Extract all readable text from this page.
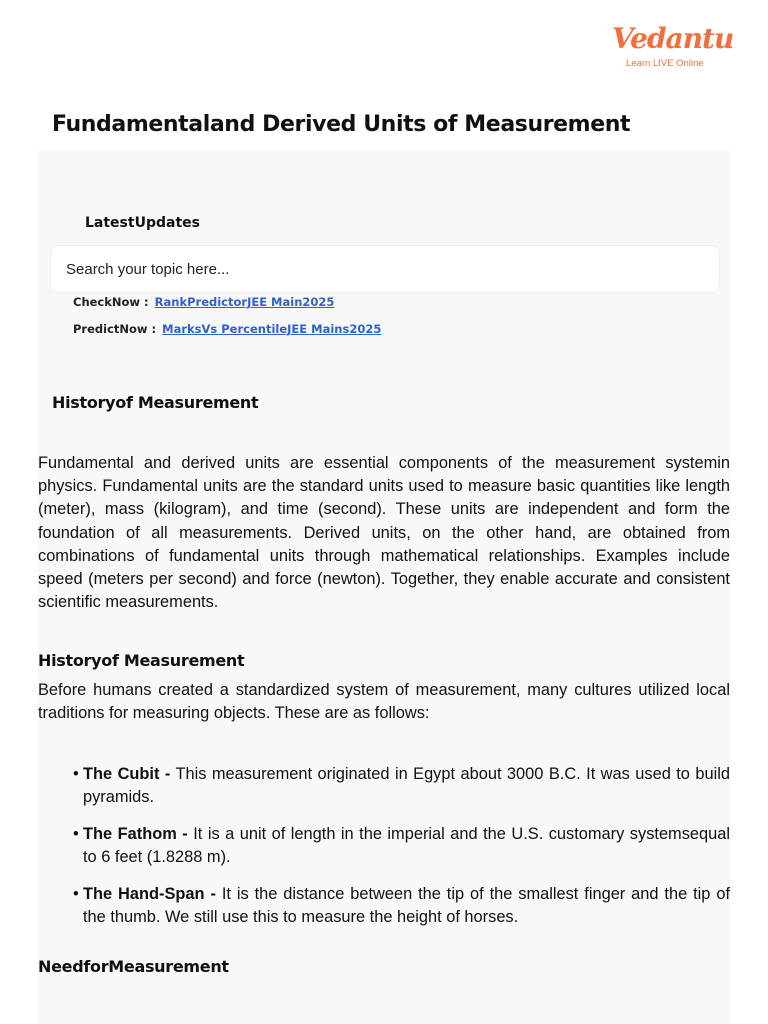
Vedantu
Learn LIVE Online
Fundamentaland Derived Units of Measurement
LatestUpdates
Search your topic here...
CheckNow : RankPredictorJEE Main2025
PredictNow : MarksVs PercentileJEE Mains2025
Historyof Measurement

Fundamental and derived units are essential components of the measurement systemin physics. Fundamental units are the standard units used to measure basic quantities like length (meter), mass (kilogram), and time (second). These units are independent and form the foundation of all measurements. Derived units, on the other hand, are obtained from combinations of fundamental units through mathematical relationships. Examples include speed (meters per second) and force (newton). Together, they enable accurate and consistent scientific measurements.

Historyof Measurement

Before humans created a standardized system of measurement, many cultures utilized local traditions for measuring objects. These are as follows:

• The Cubit - This measurement originated in Egypt about 3000 B.C. It was used to build pyramids.
• The Fathom - It is a unit of length in the imperial and the U.S. customary systemsequal to 6 feet (1.8288 m).
• The Hand-Span - It is the distance between the tip of the smallest finger and the tip of the thumb. We still use this to measure the height of horses.
NeedforMeasurement
